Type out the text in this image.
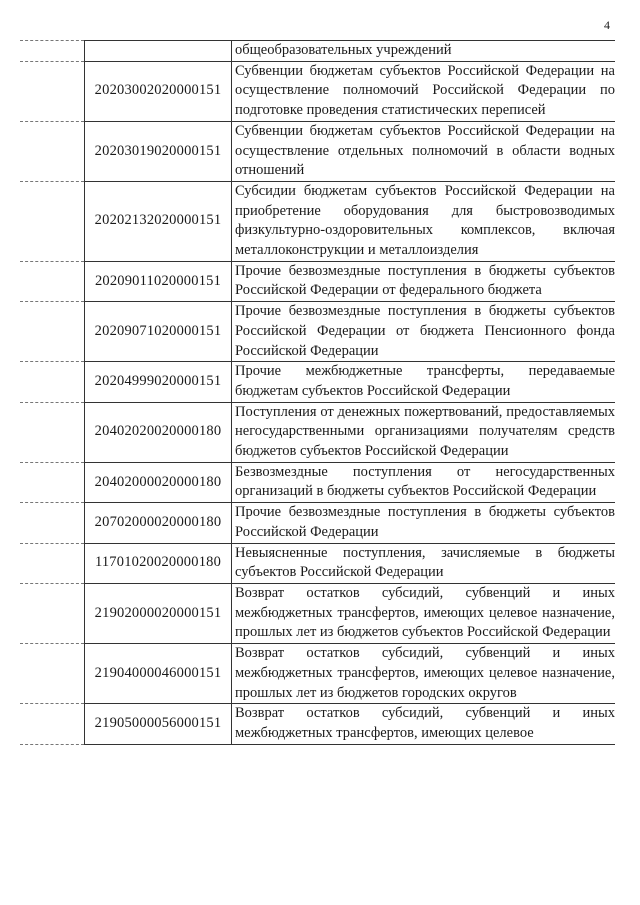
4
		общеобразовательных учреждений
	20203002020000151	Субвенции бюджетам субъектов Российской Федерации на осуществление полномочий Российской Федерации по подготовке проведения статистических переписей
	20203019020000151	Субвенции бюджетам субъектов Российской Федерации на осуществление отдельных полномочий в области водных отношений
	20202132020000151	Субсидии бюджетам субъектов Российской Федерации на приобретение оборудования для быстровозводимых физкультурно-оздоровительных комплексов, включая металлоконструкции и металлоизделия
	20209011020000151	Прочие безвозмездные поступления в бюджеты субъектов Российской Федерации от федерального бюджета
	20209071020000151	Прочие безвозмездные поступления в бюджеты субъектов Российской Федерации от бюджета Пенсионного фонда Российской Федерации
	20204999020000151	Прочие межбюджетные трансферты, передаваемые бюджетам субъектов Российской Федерации
	20402020020000180	Поступления от денежных пожертвований, предоставляемых негосударственными организациями получателям средств бюджетов субъектов Российской Федерации
	20402000020000180	Безвозмездные поступления от негосударственных организаций в бюджеты субъектов Российской Федерации
	20702000020000180	Прочие безвозмездные поступления в бюджеты субъектов Российской Федерации
	11701020020000180	Невыясненные поступления, зачисляемые в бюджеты субъектов Российской Федерации
	21902000020000151	Возврат остатков субсидий, субвенций и иных межбюджетных трансфертов, имеющих целевое назначение, прошлых лет из бюджетов субъектов Российской Федерации
	21904000046000151	Возврат остатков субсидий, субвенций и иных межбюджетных трансфертов, имеющих целевое назначение, прошлых лет из бюджетов городских округов
	21905000056000151	Возврат остатков субсидий, субвенций и иных межбюджетных трансфертов, имеющих целевое
